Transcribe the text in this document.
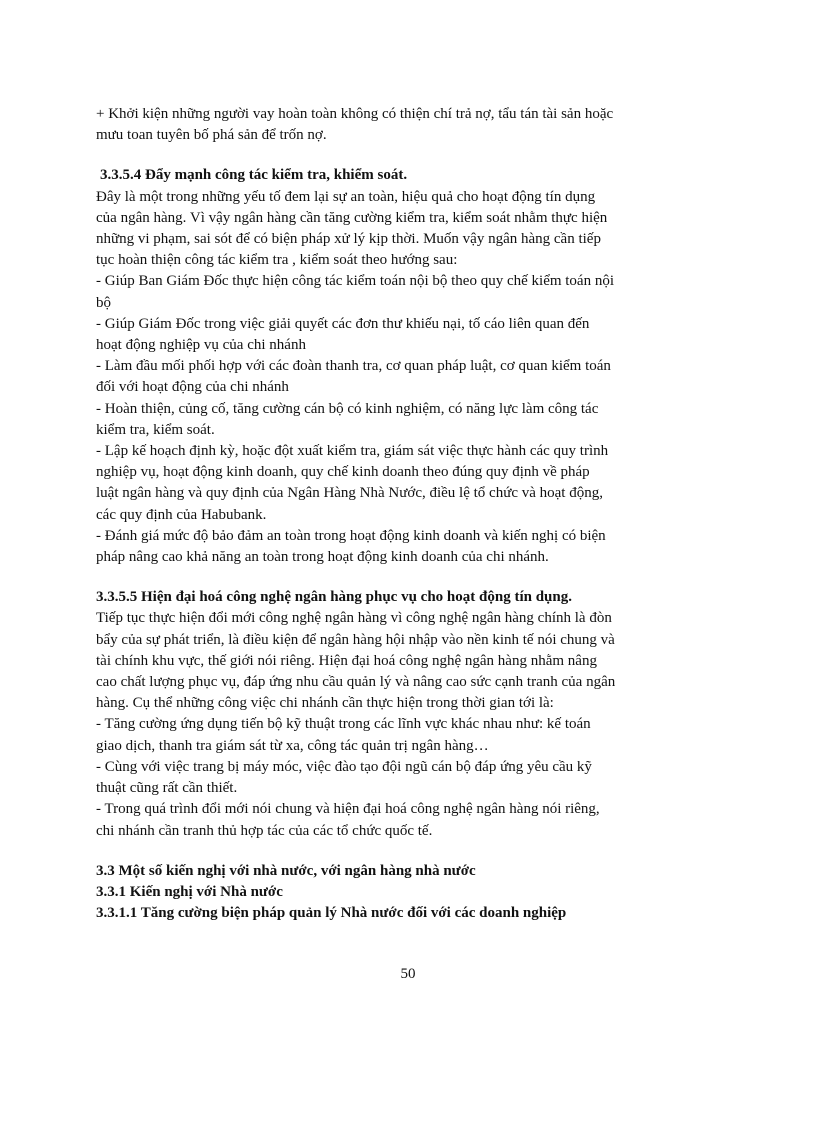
+ Khởi kiện những người vay hoàn toàn không có thiện chí trả nợ, tẩu tán tài sản hoặc
mưu toan tuyên bố phá sản để trốn nợ.
3.3.5.4 Đẩy mạnh công tác kiểm tra, khiểm soát.
Đây là một trong những yếu tố đem lại sự an toàn, hiệu quả cho hoạt động tín dụng
của ngân hàng. Vì vậy ngân hàng cần tăng cường kiểm tra, kiểm soát nhằm thực hiện
những vi phạm, sai sót để có biện pháp xử lý kịp thời. Muốn vậy ngân hàng cần tiếp
tục hoàn thiện công tác kiểm tra , kiểm soát theo hướng sau:
- Giúp Ban Giám Đốc thực hiện công tác kiểm toán nội bộ theo quy chế kiểm toán nội
bộ
- Giúp Giám Đốc trong việc giải quyết các đơn thư khiếu nại, tố cáo liên quan đến
hoạt động nghiệp vụ của chi nhánh
- Làm đầu mối phối hợp với các đoàn thanh tra, cơ quan pháp luật, cơ quan kiểm toán
đối với hoạt động của chi nhánh
- Hoàn thiện, củng cố, tăng cường cán bộ có kinh nghiệm, có năng lực làm công tác
kiểm tra, kiểm soát.
- Lập kế hoạch định kỳ, hoặc đột xuất kiểm tra, giám sát việc thực hành các quy trình
nghiệp vụ, hoạt động kinh doanh, quy chế kinh doanh theo đúng quy định về pháp
luật ngân hàng và quy định của Ngân Hàng Nhà Nước, điều lệ tổ chức và hoạt động,
các quy định của Habubank.
- Đánh giá mức độ bảo đảm an toàn trong hoạt động kinh doanh và kiến nghị có biện
pháp nâng cao khả năng an toàn trong hoạt động kinh doanh của chi nhánh.
3.3.5.5 Hiện đại hoá công nghệ ngân hàng phục vụ cho hoạt động tín dụng.
Tiếp tục thực hiện đổi mới công nghệ ngân hàng vì công nghệ ngân hàng chính là đòn
bẩy của sự phát triển, là điều kiện để ngân hàng hội nhập vào nền kinh tế nói chung và
tài chính khu vực, thế giới nói riêng. Hiện đại hoá công nghệ ngân hàng nhằm nâng
cao chất lượng phục vụ, đáp ứng nhu cầu quản lý và nâng cao sức cạnh tranh của ngân
hàng. Cụ thể những công việc chi nhánh cần thực hiện trong thời gian tới là:
- Tăng cường ứng dụng tiến bộ kỹ thuật trong các lĩnh vực khác nhau như: kế toán
giao dịch, thanh tra giám sát từ xa, công tác quản trị ngân hàng…
- Cùng với việc trang bị máy móc, việc đào tạo đội ngũ cán bộ đáp ứng yêu cầu kỹ
thuật cũng rất cần thiết.
- Trong quá trình đổi mới nói chung và hiện đại hoá công nghệ ngân hàng nói riêng,
chi nhánh cần tranh thủ hợp tác của các tổ chức quốc tế.
3.3 Một số kiến nghị với nhà nước, với ngân hàng nhà nước
3.3.1 Kiến nghị với Nhà nước
3.3.1.1 Tăng cường biện pháp quản lý Nhà nước đối với các doanh nghiệp
50
